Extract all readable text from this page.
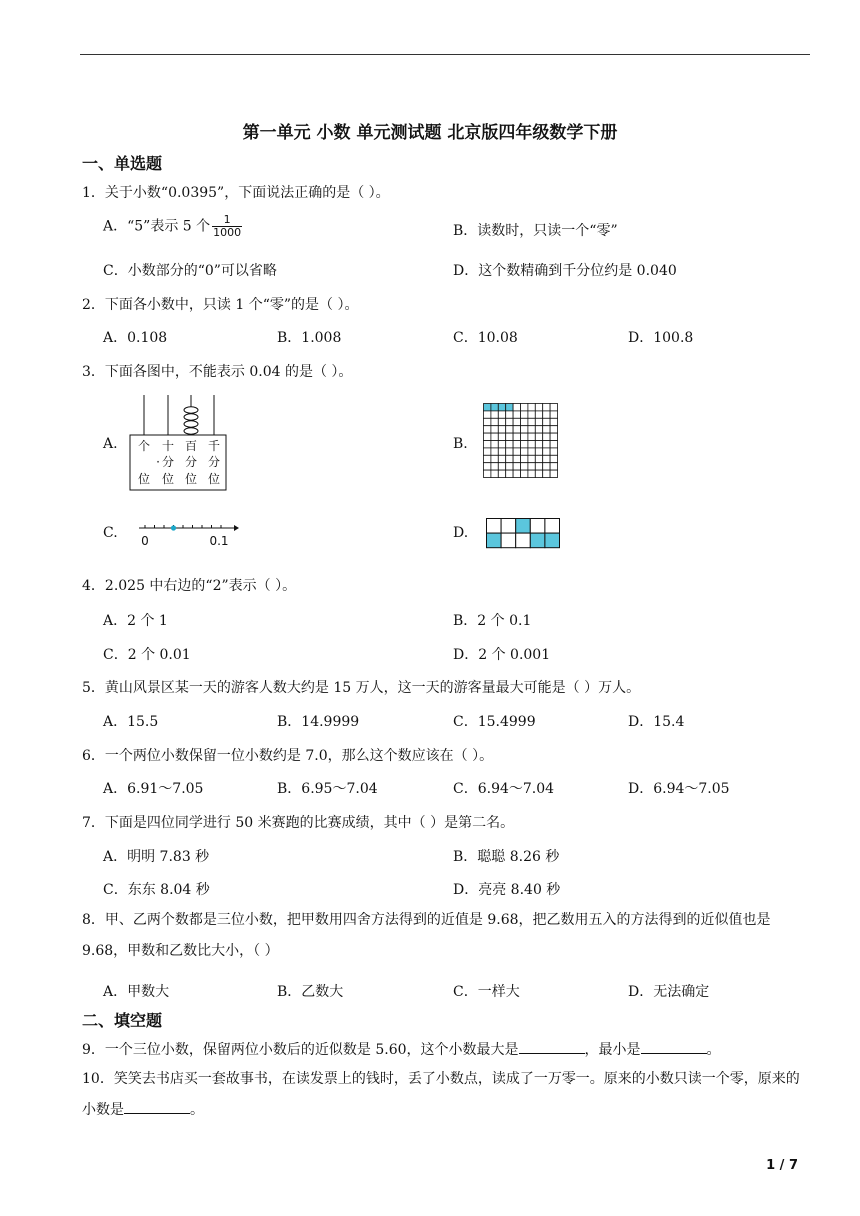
第一单元 小数 单元测试题 北京版四年级数学下册
一、单选题
1．关于小数“0.0395”，下面说法正确的是（ ）。
A．“5”表示 5 个 $\frac{1}{1000}$	B．读数时，只读一个“零”
C．小数部分的“0”可以省略	D．这个数精确到千分位约是 0.040
2．下面各小数中，只读 1 个“零”的是（ ）。
A．0.108	B．1.008	C．10.08	D．100.8
3．下面各图中，不能表示 0.04 的是（ ）。
A. 个 十 百 千
· 分 分 分
位 位 位 位
B.
C. 0	0.1	D.
4．2.025 中右边的“2”表示（ ）。
A．2 个 1	B．2 个 0.1
C．2 个 0.01	D．2 个 0.001
5．黄山风景区某一天的游客人数大约是 15 万人，这一天的游客量最大可能是（ ）万人。
A．15.5	B．14.9999	C．15.4999	D．15.4
6．一个两位小数保留一位小数约是 7.0，那么这个数应该在（ ）。
A．6.91～7.05	B．6.95～7.04	C．6.94～7.04	D．6.94～7.05
7．下面是四位同学进行 50 米赛跑的比赛成绩，其中（ ）是第二名。
A．明明 7.83 秒	B．聪聪 8.26 秒
C．东东 8.04 秒	D．亮亮 8.40 秒
8．甲、乙两个数都是三位小数，把甲数用四舍方法得到的近值是 9.68，把乙数用五入的方法得到的近似值也是 9.68，甲数和乙数比大小，（ ）
A．甲数大	B．乙数大	C．一样大	D．无法确定
二、填空题
9．一个三位小数，保留两位小数后的近似数是 5.60，这个小数最大是	，最小是	。
10．笑笑去书店买一套故事书，在读发票上的钱时，丢了小数点，读成了一万零一。原来的小数只读一个零，原来的小数是	。
1 / 7
